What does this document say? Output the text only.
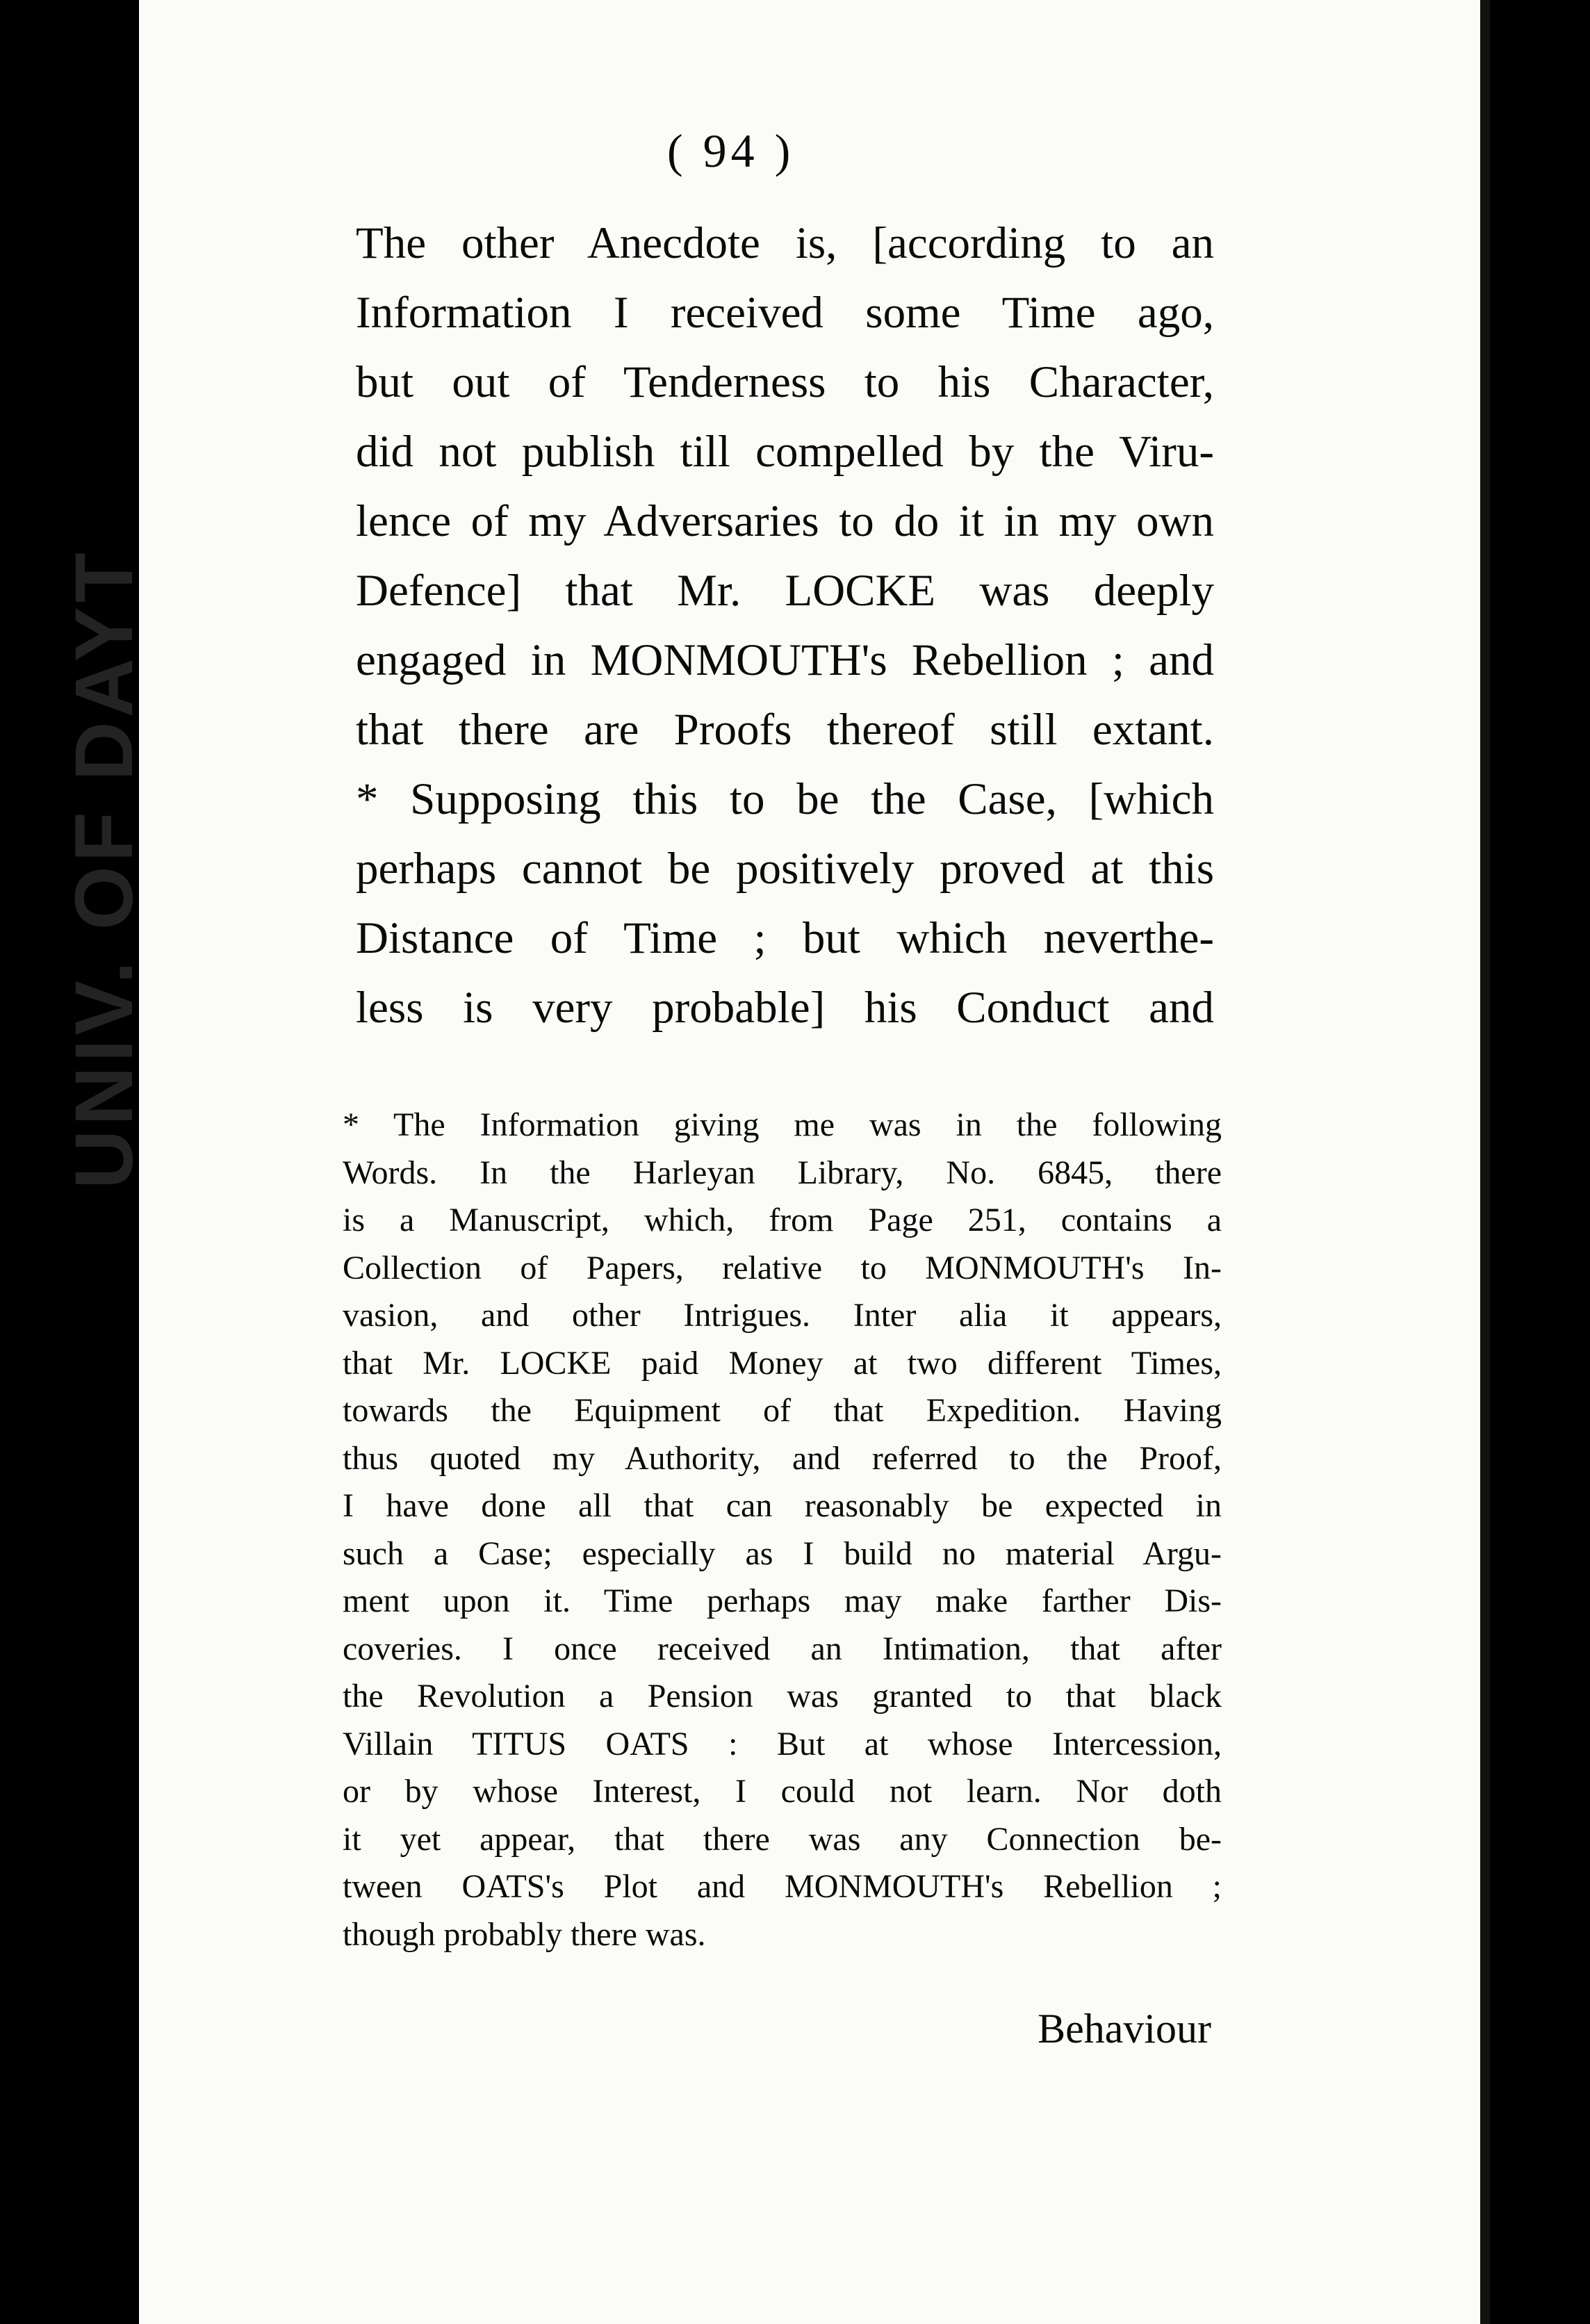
UNIV. OF DAYT
( 94 )
The other Anecdote is, [according to an
Information I received some Time ago,
but out of Tenderness to his Character,
did not publish till compelled by the Viru-
lence of my Adversaries to do it in my own
Defence] that Mr. LOCKE was deeply
engaged in MONMOUTH's Rebellion ; and
that there are Proofs thereof still extant.
* Supposing this to be the Case, [which
perhaps cannot be positively proved at this
Distance of Time ; but which neverthe-
less is very probable] his Conduct and
* The Information giving me was in the following
Words. In the Harleyan Library, No. 6845, there
is a Manuscript, which, from Page 251, contains a
Collection of Papers, relative to MONMOUTH's In-
vasion, and other Intrigues. Inter alia it appears,
that Mr. LOCKE paid Money at two different Times,
towards the Equipment of that Expedition. Having
thus quoted my Authority, and referred to the Proof,
I have done all that can reasonably be expected in
such a Case; especially as I build no material Argu-
ment upon it. Time perhaps may make farther Dis-
coveries. I once received an Intimation, that after
the Revolution a Pension was granted to that black
Villain TITUS OATS : But at whose Intercession,
or by whose Interest, I could not learn. Nor doth
it yet appear, that there was any Connection be-
tween OATS's Plot and MONMOUTH's Rebellion ;
though probably there was.
Behaviour
